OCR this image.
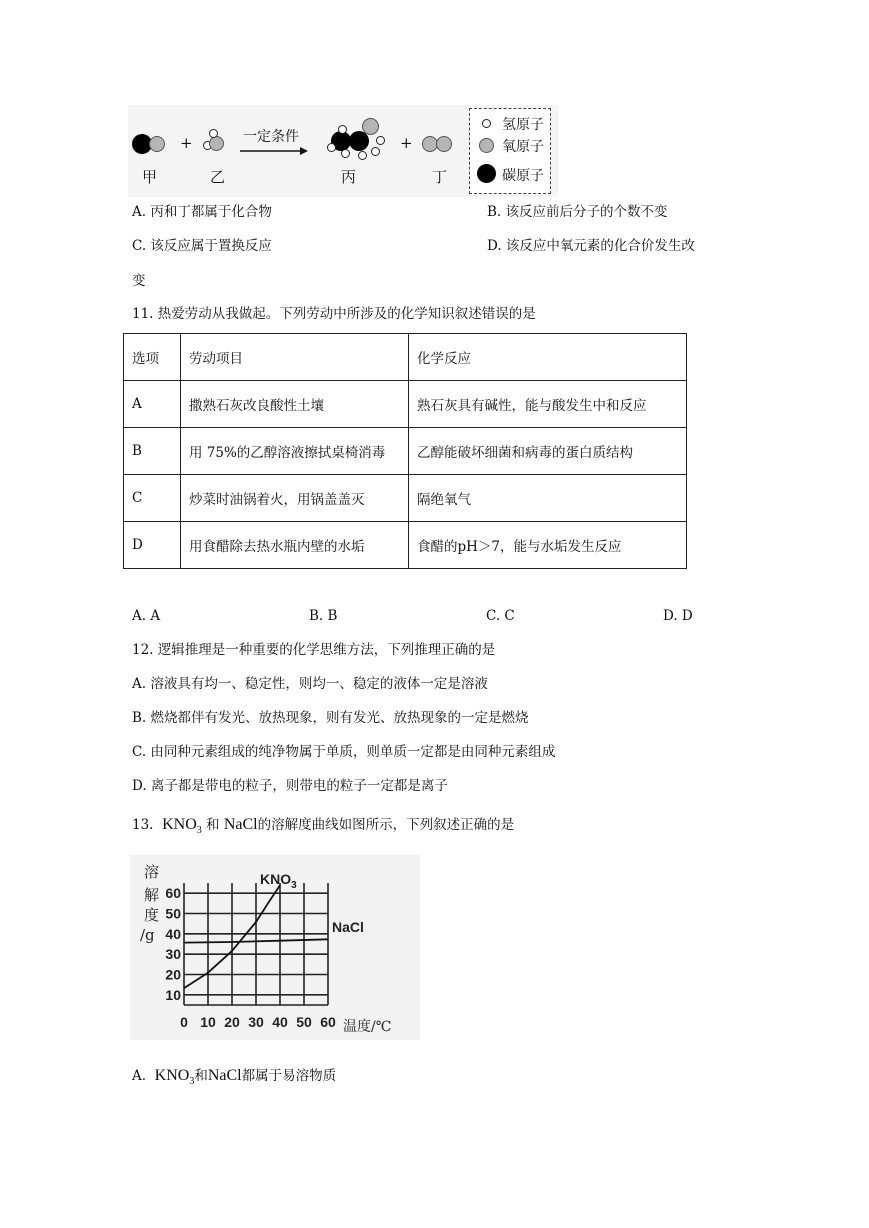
甲
+
乙
一定条件
丙
+
丁
氢原子
氧原子
碳原子
A. 丙和丁都属于化合物	B. 该反应前后分子的个数不变
C. 该反应属于置换反应	D. 该反应中氧元素的化合价发生改
变
11. 热爱劳动从我做起。下列劳动中所涉及的化学知识叙述错误的是
选项	劳动项目	化学反应
A	撒熟石灰改良酸性土壤	熟石灰具有碱性，能与酸发生中和反应
B	用 75%的乙醇溶液擦拭桌椅消毒	乙醇能破坏细菌和病毒的蛋白质结构
C	炒菜时油锅着火，用锅盖盖灭	隔绝氧气
D	用食醋除去热水瓶内壁的水垢	食醋的pH＞7，能与水垢发生反应
A. A	B. B	C. C	D. D
12. 逻辑推理是一种重要的化学思维方法，下列推理正确的是
A. 溶液具有均一、稳定性，则均一、稳定的液体一定是溶液
B. 燃烧都伴有发光、放热现象，则有发光、放热现象的一定是燃烧
C. 由同种元素组成的纯净物属于单质，则单质一定都是由同种元素组成
D. 离子都是带电的粒子，则带电的粒子一定都是离子
13. $KNO_3$ 和 NaCl的溶解度曲线如图所示，下列叙述正确的是
0 10 20 30 40 50 60
10
20
30
40
50
60
溶
解
度
/g
温度/℃
$KNO_3$
NaCl
A. $KNO_3$和NaCl都属于易溶物质
